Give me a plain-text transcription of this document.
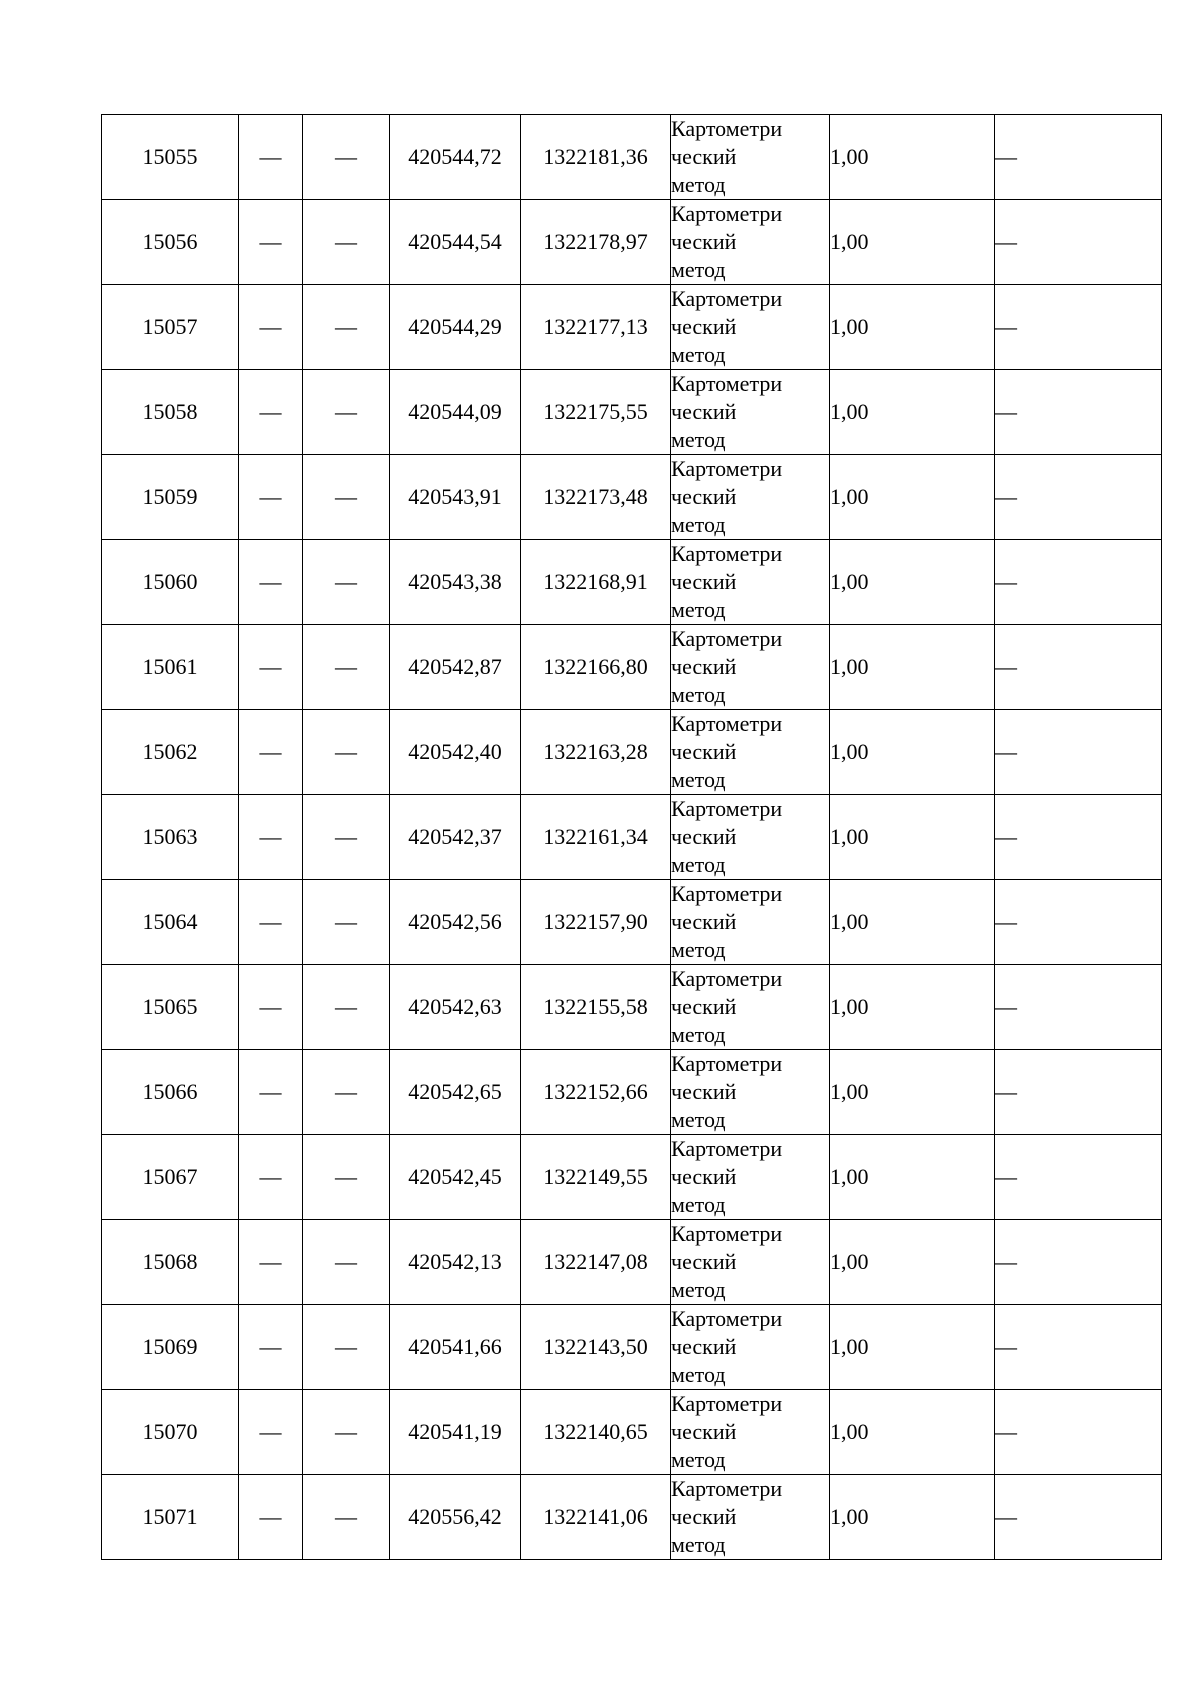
15055	—	—	420544,72	1322181,36	Картометри
ческий
метод	1,00	—
15056	—	—	420544,54	1322178,97	Картометри
ческий
метод	1,00	—
15057	—	—	420544,29	1322177,13	Картометри
ческий
метод	1,00	—
15058	—	—	420544,09	1322175,55	Картометри
ческий
метод	1,00	—
15059	—	—	420543,91	1322173,48	Картометри
ческий
метод	1,00	—
15060	—	—	420543,38	1322168,91	Картометри
ческий
метод	1,00	—
15061	—	—	420542,87	1322166,80	Картометри
ческий
метод	1,00	—
15062	—	—	420542,40	1322163,28	Картометри
ческий
метод	1,00	—
15063	—	—	420542,37	1322161,34	Картометри
ческий
метод	1,00	—
15064	—	—	420542,56	1322157,90	Картометри
ческий
метод	1,00	—
15065	—	—	420542,63	1322155,58	Картометри
ческий
метод	1,00	—
15066	—	—	420542,65	1322152,66	Картометри
ческий
метод	1,00	—
15067	—	—	420542,45	1322149,55	Картометри
ческий
метод	1,00	—
15068	—	—	420542,13	1322147,08	Картометри
ческий
метод	1,00	—
15069	—	—	420541,66	1322143,50	Картометри
ческий
метод	1,00	—
15070	—	—	420541,19	1322140,65	Картометри
ческий
метод	1,00	—
15071	—	—	420556,42	1322141,06	Картометри
ческий
метод	1,00	—
